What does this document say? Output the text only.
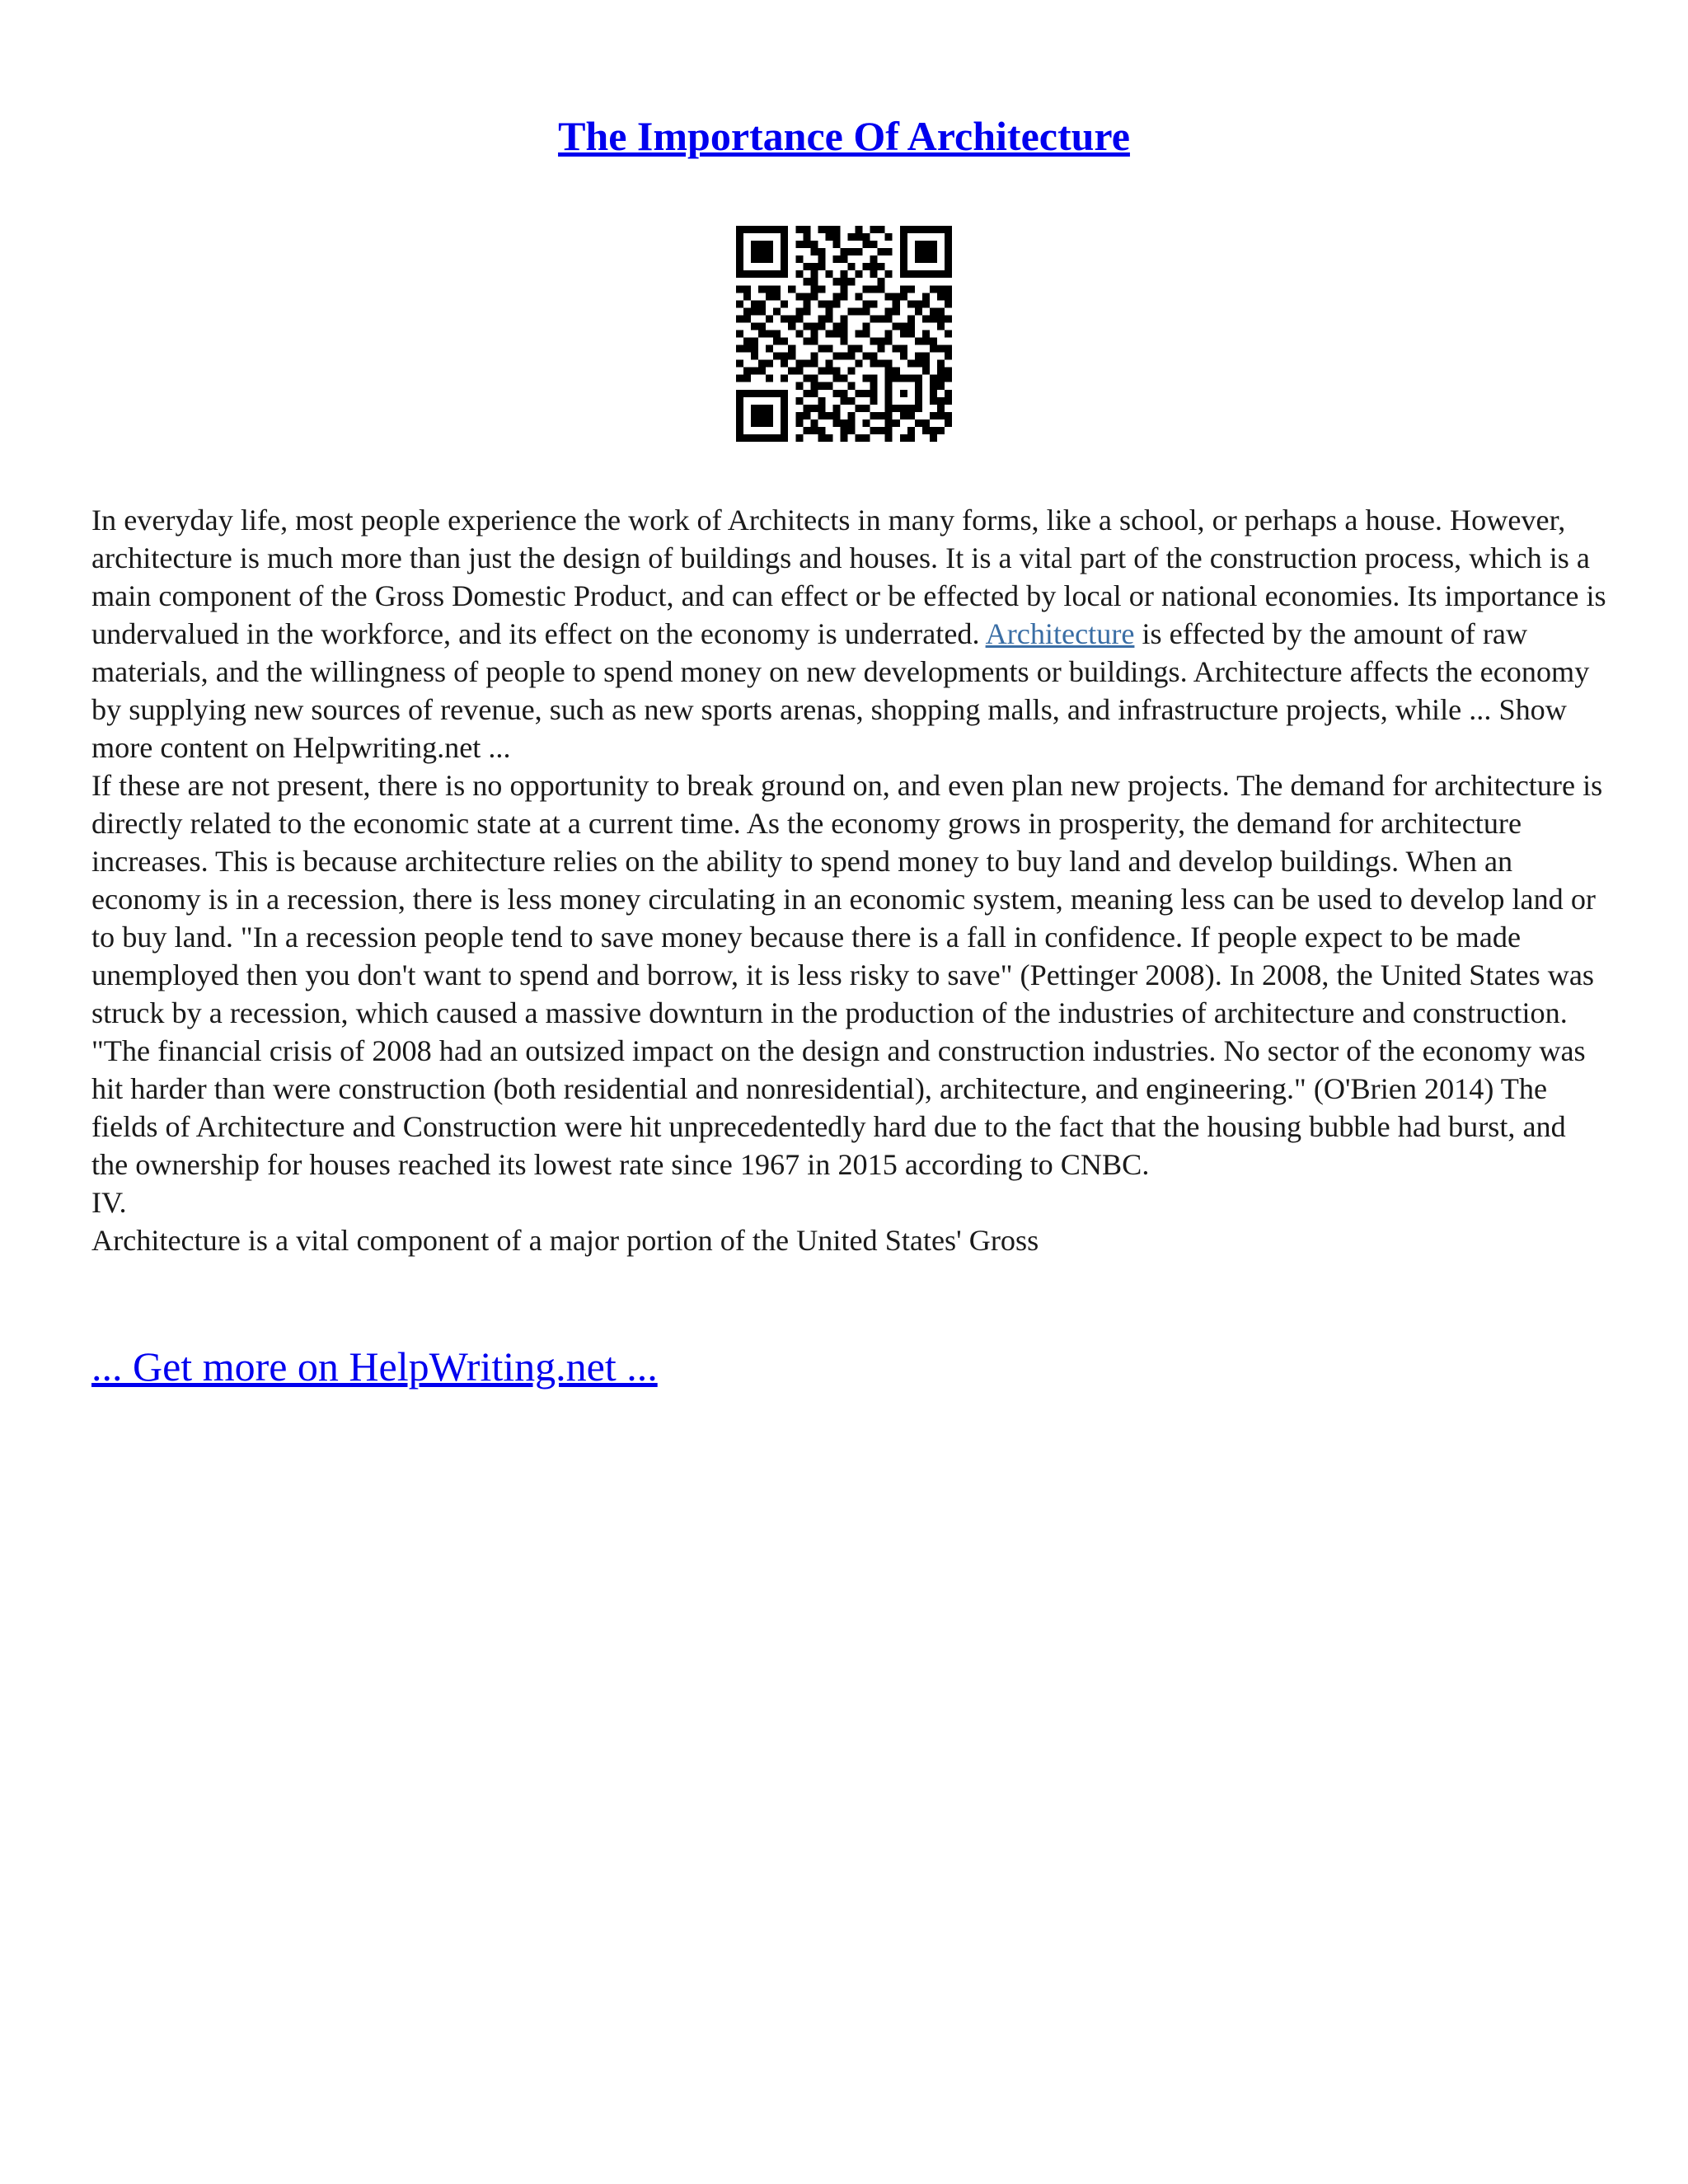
The Importance Of Architecture

In everyday life, most people experience the work of Architects in many forms, like a school, or perhaps a house. However, architecture is much more than just the design of buildings and houses. It is a vital part of the construction process, which is a main component of the Gross Domestic Product, and can effect or be effected by local or national economies. Its importance is undervalued in the workforce, and its effect on the economy is underrated. Architecture is effected by the amount of raw materials, and the willingness of people to spend money on new developments or buildings. Architecture affects the economy by supplying new sources of revenue, such as new sports arenas, shopping malls, and infrastructure projects, while ... Show more content on Helpwriting.net ...

If these are not present, there is no opportunity to break ground on, and even plan new projects. The demand for architecture is directly related to the economic state at a current time. As the economy grows in prosperity, the demand for architecture increases. This is because architecture relies on the ability to spend money to buy land and develop buildings. When an economy is in a recession, there is less money circulating in an economic system, meaning less can be used to develop land or to buy land. "In a recession people tend to save money because there is a fall in confidence. If people expect to be made unemployed then you don't want to spend and borrow, it is less risky to save" (Pettinger 2008). In 2008, the United States was struck by a recession, which caused a massive downturn in the production of the industries of architecture and construction. "The financial crisis of 2008 had an outsized impact on the design and construction industries. No sector of the economy was hit harder than were construction (both residential and nonresidential), architecture, and engineering." (O'Brien 2014) The fields of Architecture and Construction were hit unprecedentedly hard due to the fact that the housing bubble had burst, and the ownership for houses reached its lowest rate since 1967 in 2015 according to CNBC.

IV.

Architecture is a vital component of a major portion of the United States' Gross

... Get more on HelpWriting.net ...
